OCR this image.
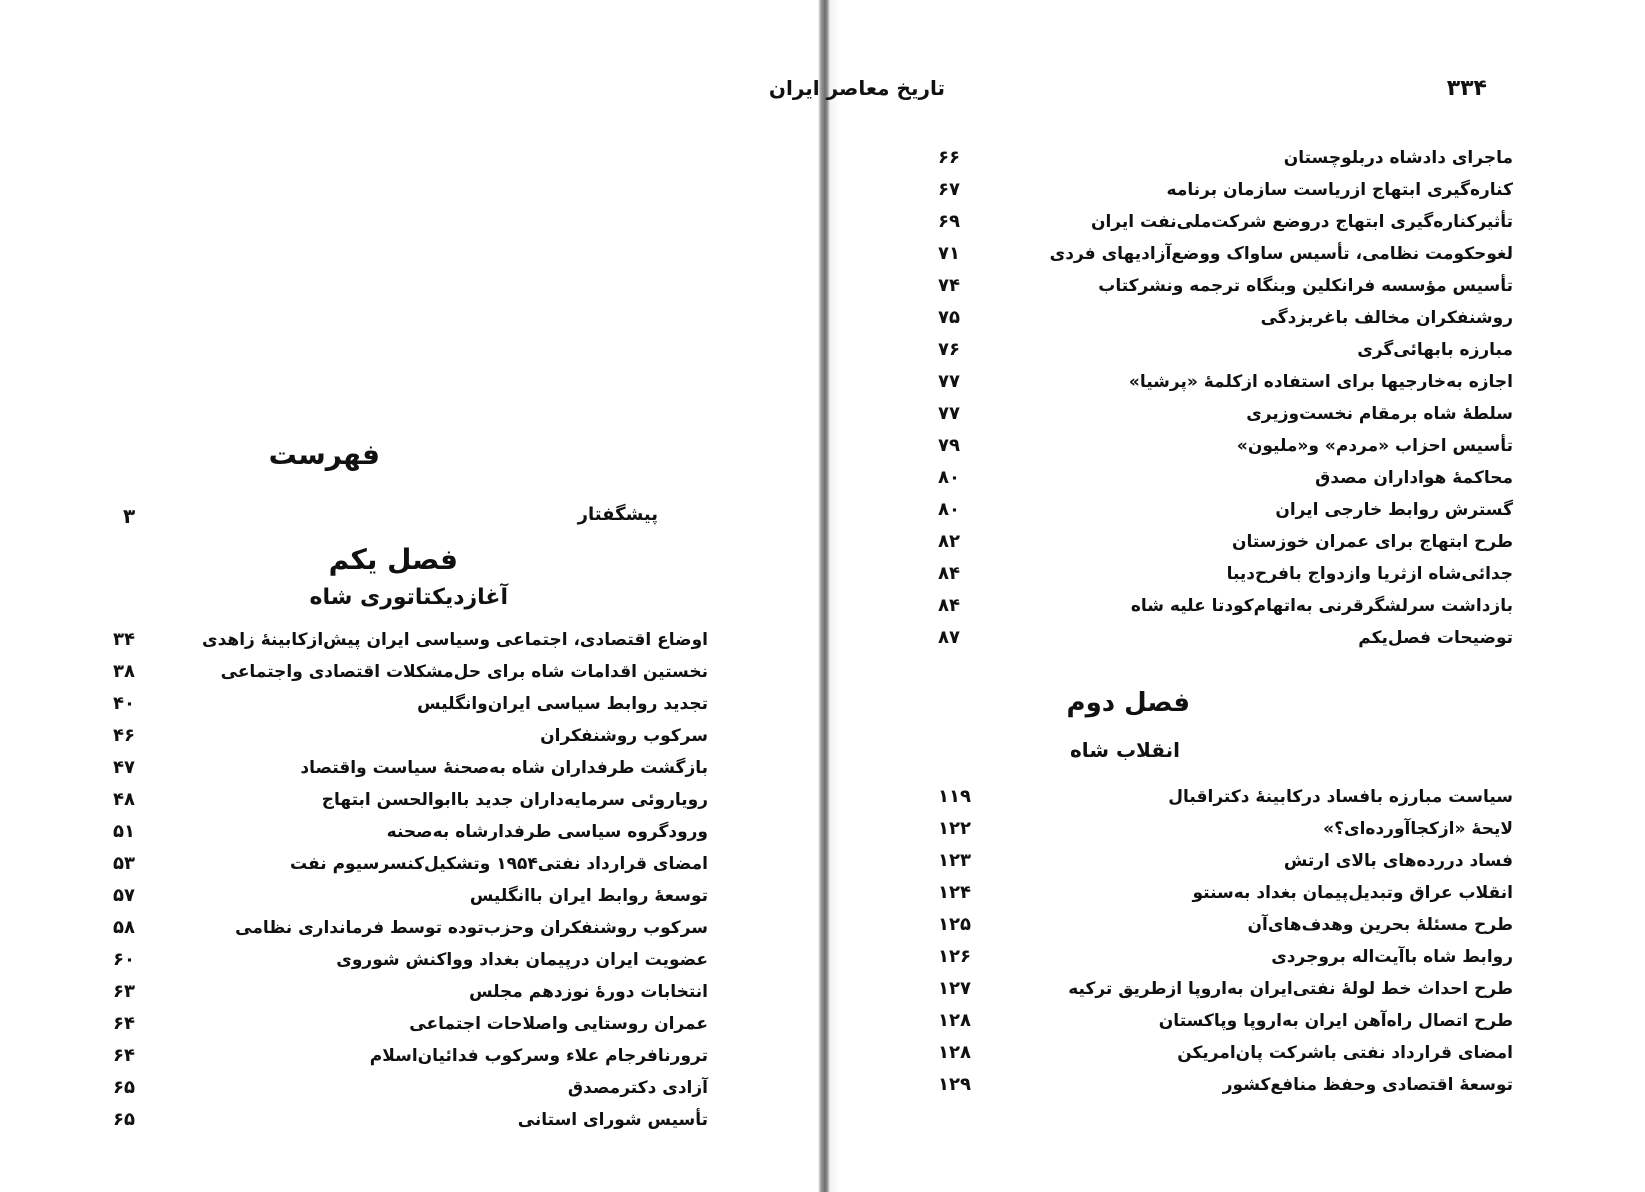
فهرست
پیشگفتار
۳
فصل یکم
آغازدیکتاتوری شاه
اوضاع اقتصادی، اجتماعی وسیاسی ایران پیش‌ازکابینهٔ زاهدی
۳۴
نخستین اقدامات شاه برای حل‌مشکلات اقتصادی واجتماعی
۳۸
تجدید روابط سیاسی ایران‌وانگلیس
۴۰
سرکوب روشنفکران
۴۶
بازگشت طرفداران شاه به‌صحنهٔ سیاست واقتصاد
۴۷
رویاروئی سرمایه‌داران جدید باابوالحسن ابتهاج
۴۸
ورودگروه سیاسی طرفدارشاه به‌صحنه
۵۱
امضای قرارداد نفتی۱۹۵۴ وتشکیل‌کنسرسیوم نفت
۵۳
توسعهٔ روابط ایران باانگلیس
۵۷
سرکوب روشنفکران وحزب‌توده توسط فرمانداری نظامی
۵۸
عضویت ایران درپیمان بغداد وواکنش شوروی
۶۰
انتخابات دورهٔ نوزدهم مجلس
۶۳
عمران روستایی واصلاحات اجتماعی
۶۴
ترورنافرجام علاء وسرکوب فدائیان‌اسلام
۶۴
آزادی دکترمصدق
۶۵
تأسیس شورای استانی
۶۵
۳۳۴
تاریخ معاصر ایران
ماجرای دادشاه دربلوچستان
۶۶
کناره‌گیری ابتهاج ازریاست سازمان برنامه
۶۷
تأثیرکناره‌گیری ابتهاج دروضع شرکت‌ملی‌نفت ایران
۶۹
لغوحکومت نظامی، تأسیس ساواک ووضع‌آزادیهای فردی
۷۱
تأسیس مؤسسه فرانکلین وبنگاه ترجمه ونشرکتاب
۷۴
روشنفکران مخالف باغربزدگی
۷۵
مبارزه بابهائی‌گری
۷۶
اجازه به‌خارجیها برای استفاده ازکلمهٔ «پرشیا»
۷۷
سلطهٔ شاه برمقام نخست‌وزیری
۷۷
تأسیس احزاب «مردم» و«ملیون»
۷۹
محاکمهٔ هواداران مصدق
۸۰
گسترش روابط خارجی ایران
۸۰
طرح ابتهاج برای عمران خوزستان
۸۲
جدائی‌شاه ازثریا وازدواج بافرح‌دیبا
۸۴
بازداشت سرلشگرقرنی به‌اتهام‌کودتا علیه شاه
۸۴
توضیحات فصل‌یکم
۸۷
فصل دوم
انقلاب شاه
سیاست مبارزه بافساد درکابینهٔ دکتراقبال
۱۱۹
لایحهٔ «ازکجاآورده‌ای؟»
۱۲۲
فساد دررده‌های بالای ارتش
۱۲۳
انقلاب عراق وتبدیل‌پیمان بغداد به‌سنتو
۱۲۴
طرح مسئلهٔ بحرین وهدف‌های‌آن
۱۲۵
روابط شاه باآیت‌اله بروجردی
۱۲۶
طرح احداث خط لولهٔ نفتی‌ایران به‌اروپا ازطریق ترکیه
۱۲۷
طرح اتصال راه‌آهن ایران به‌اروپا وپاکستان
۱۲۸
امضای قرارداد نفتی باشرکت پان‌امریکن
۱۲۸
توسعهٔ اقتصادی وحفظ منافع‌کشور
۱۲۹
